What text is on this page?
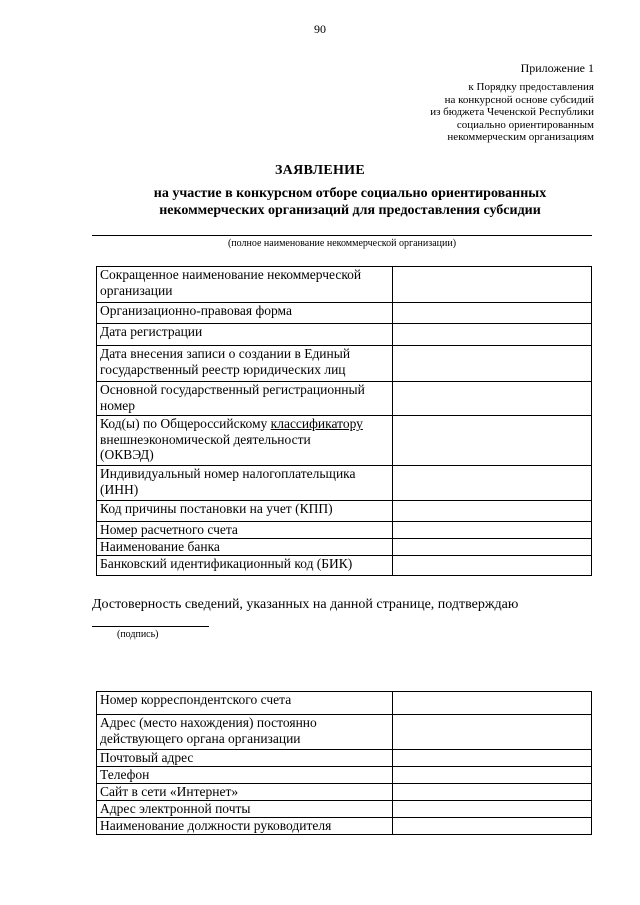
90
Приложение 1
к Порядку предоставления
на конкурсной основе субсидий
из бюджета Чеченской Республики
социально ориентированным
некоммерческим организациям
ЗАЯВЛЕНИЕ
на участие в конкурсном отборе социально ориентированных
некоммерческих организаций для предоставления субсидии
(полное наименование некоммерческой организации)
Сокращенное наименование некоммерческой
организации	
Организационно-правовая форма	
Дата регистрации	
Дата внесения записи о создании в Единый
государственный реестр юридических лиц	
Основной государственный регистрационный
номер	
Код(ы) по Общероссийскому классификатору
внешнеэкономической деятельности
(ОКВЭД)	
Индивидуальный номер налогоплательщика
(ИНН)	
Код причины постановки на учет (КПП)	
Номер расчетного счета	
Наименование банка	
Банковский идентификационный код (БИК)	
Достоверность сведений, указанных на данной странице, подтверждаю
(подпись)
Номер корреспондентского счета	
Адрес (место нахождения) постоянно
действующего органа организации	
Почтовый адрес	
Телефон	
Сайт в сети «Интернет»	
Адрес электронной почты	
Наименование должности руководителя	
